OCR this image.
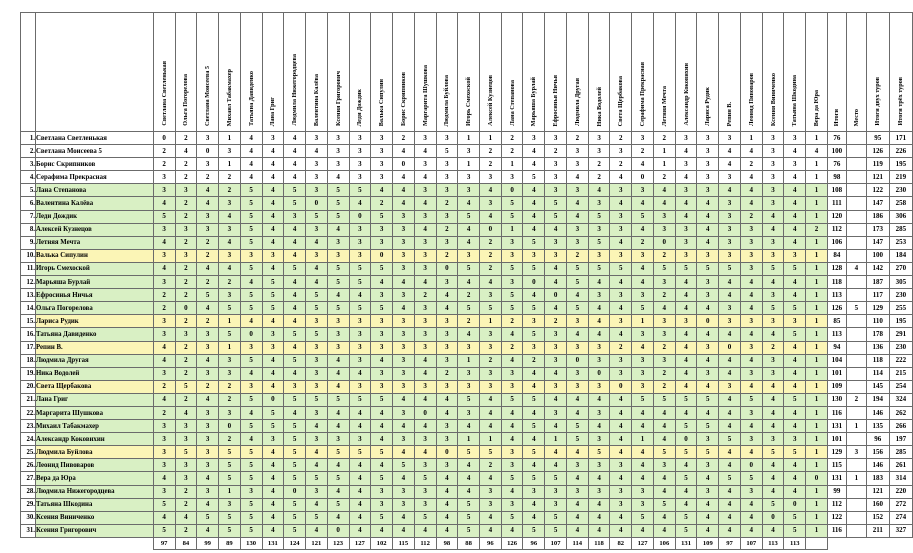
		Светлана Светленькая	Ольга Погорелова	Светлана Моисеева 5	Михаил Табакмахер	Татьяна Давиденко	Лана Григ	Людмила Нижегородцева	Валентина Калёва	Ксения Григорович	Леди Дождик	Валька Сипулин	Борис Скрипников	Маргарита Шушкова	Людмила Буйлова	Игорь Смехоской	Алексей Кузнецов	Лана Степанова	Марьяша Бурлай	Ефросинья Ничья	Людмила Другая	Ника Водолей	Света Щербакова	Серафима Прекрасная	Летняя Мечта	Александр Коковихин	Лариса Рудик	Репин В.	Леонид Пивоваров	Ксения Виниченко	Татьяна Шкодина	Вера да Юра	Итоги	Место	Итоги двух туров	Итоги трёх туров
1.	Светлана Светленькая	0	2	3	1	4	3	4	3	3	3	3	2	3	3	1	1	2	3	3	2	3	2	3	2	3	3	3	1	3	3	1	76		95	171
2.	Светлана Моисеева 5	2	4	0	3	4	4	4	4	3	3	3	4	4	5	3	2	2	4	2	3	3	3	2	1	4	3	4	4	3	4	4	100		126	226
3.	Борис Скрипников	2	2	3	1	4	4	4	3	3	3	3	0	3	3	1	2	1	4	3	3	2	2	4	1	3	3	4	2	3	3	1	76		119	195
4.	Серафима Прекрасная	3	2	2	2	4	4	4	3	4	3	3	4	4	3	3	3	3	5	3	4	2	4	0	2	4	3	3	4	3	4	1	98		121	219
5.	Лана Степанова	3	3	4	2	5	4	5	3	5	5	4	4	3	3	3	4	0	4	3	3	4	3	3	4	3	3	4	4	3	4	1	108		122	230
6.	Валентина Калёва	4	2	4	3	5	4	5	0	5	4	2	4	4	2	4	3	5	4	5	4	3	4	4	4	4	4	3	4	3	4	1	111		147	258
7.	Леди Дождик	5	2	3	4	5	4	3	5	5	0	5	3	3	3	5	4	5	4	5	4	5	3	5	3	4	4	3	2	4	4	1	120		186	306
8.	Алексей Кузнецов	3	3	3	3	5	4	4	3	4	3	3	3	4	2	4	0	1	4	4	3	3	3	4	3	3	4	3	3	4	4	2	112		173	285
9.	Летняя Мечта	4	2	2	4	5	4	4	4	3	3	3	3	3	3	4	2	3	5	3	3	5	4	2	0	3	4	3	3	3	4	1	106		147	253
10.	Валька Сипулин	3	3	2	3	3	3	4	3	3	3	0	3	3	2	3	2	3	3	3	2	3	3	3	2	3	3	3	3	3	3	1	84		100	184
11.	Игорь Смехоской	4	2	4	4	5	4	5	4	5	5	5	3	3	0	5	2	5	5	4	5	5	5	4	5	5	5	5	3	5	5	1	128	4	142	270
12.	Марьяша Бурлай	3	2	2	2	4	5	4	4	5	5	4	4	4	3	4	4	3	0	4	5	4	4	4	3	4	3	4	4	4	4	1	118		187	305
13.	Ефросинья Ничья	2	2	5	3	5	5	4	5	4	4	3	3	2	4	2	3	5	4	0	4	3	3	3	2	4	3	4	4	3	4	1	113		117	230
14.	Ольга Погорелова	2	0	4	5	5	5	4	5	5	5	5	4	3	4	5	5	5	5	4	5	4	4	5	4	4	4	3	4	5	5	1	126	5	129	255
15.	Лариса Рудик	3	2	2	1	4	4	4	3	3	3	3	3	3	3	2	1	2	3	2	3	4	3	1	3	3	0	3	3	3	3	1	85		110	195
16.	Татьяна Давиденко	3	3	3	5	0	3	5	5	3	3	3	3	3	3	4	3	4	5	3	4	4	4	3	3	4	4	4	4	4	5	1	113		178	291
17.	Репин В.	4	2	3	1	3	3	4	3	3	3	3	3	3	3	3	3	2	3	3	3	3	2	4	2	4	3	0	3	2	4	1	94		136	230
18.	Людмила Другая	4	2	4	3	5	4	5	3	4	3	4	3	4	3	1	2	4	2	3	0	3	3	3	3	4	4	4	4	3	4	1	104		118	222
19.	Ника Водолей	3	2	3	3	4	4	4	3	4	4	3	3	4	2	3	3	3	4	4	3	0	3	3	2	4	3	4	3	3	4	1	101		114	215
20.	Света Щербакова	2	5	2	2	3	4	3	3	4	3	3	3	3	3	3	3	3	4	3	3	3	0	3	2	4	4	3	4	4	4	1	109		145	254
21.	Лана Григ	4	2	4	2	5	0	5	5	5	5	5	4	4	4	5	4	5	5	4	4	4	4	5	5	5	5	4	5	4	5	1	130	2	194	324
22.	Маргарита Шушкова	2	4	3	3	4	5	4	3	4	4	4	3	0	4	3	4	4	4	3	4	3	4	4	4	4	4	4	3	4	4	1	116		146	262
23.	Михаил Табакмахер	3	3	3	0	5	5	5	4	4	4	4	4	4	3	4	4	4	5	4	5	4	4	4	4	5	5	4	4	4	4	1	131	1	135	266
24.	Александр Коковихин	3	3	3	2	4	3	5	3	3	3	4	3	3	3	1	1	4	4	1	5	3	4	1	4	0	3	5	3	3	3	1	101		96	197
25.	Людмила Буйлова	3	5	3	5	5	4	5	4	5	5	5	4	4	0	5	5	3	5	4	4	5	4	4	5	5	5	4	4	5	5	1	129	3	156	285
26.	Леонид Пивоваров	3	3	3	5	5	4	5	4	4	4	4	5	3	3	4	2	3	4	4	3	3	3	4	3	4	3	4	0	4	4	1	115		146	261
27.	Вера да Юра	4	3	4	5	5	4	5	5	5	4	5	4	5	4	4	4	5	5	5	4	4	4	4	4	5	4	5	5	4	4	0	131	1	183	314
28.	Людмила Нижегородцева	3	2	3	1	3	4	0	3	4	4	3	3	3	4	4	3	4	3	3	3	3	3	3	4	4	3	4	3	4	4	1	99		121	220
29.	Татьяна Шкодина	5	2	4	3	5	4	5	4	5	4	3	3	3	4	5	3	3	4	3	4	4	3	3	5	4	4	4	4	5	0	1	112		160	272
30.	Ксения Виниченко	4	4	5	5	5	4	5	5	4	4	5	4	5	4	5	4	5	4	5	4	4	4	5	4	5	4	4	4	0	5	1	122		152	274
31.	Ксения Григорович	5	2	4	5	5	4	5	4	0	4	4	4	4	4	5	4	4	5	5	4	4	4	4	4	5	4	4	4	4	5	1	116		211	327
		97	84	99	89	130	131	124	121	123	127	102	115	112	98	88	96	126	96	107	114	118	82	127	106	131	109	97	107	113	113					
